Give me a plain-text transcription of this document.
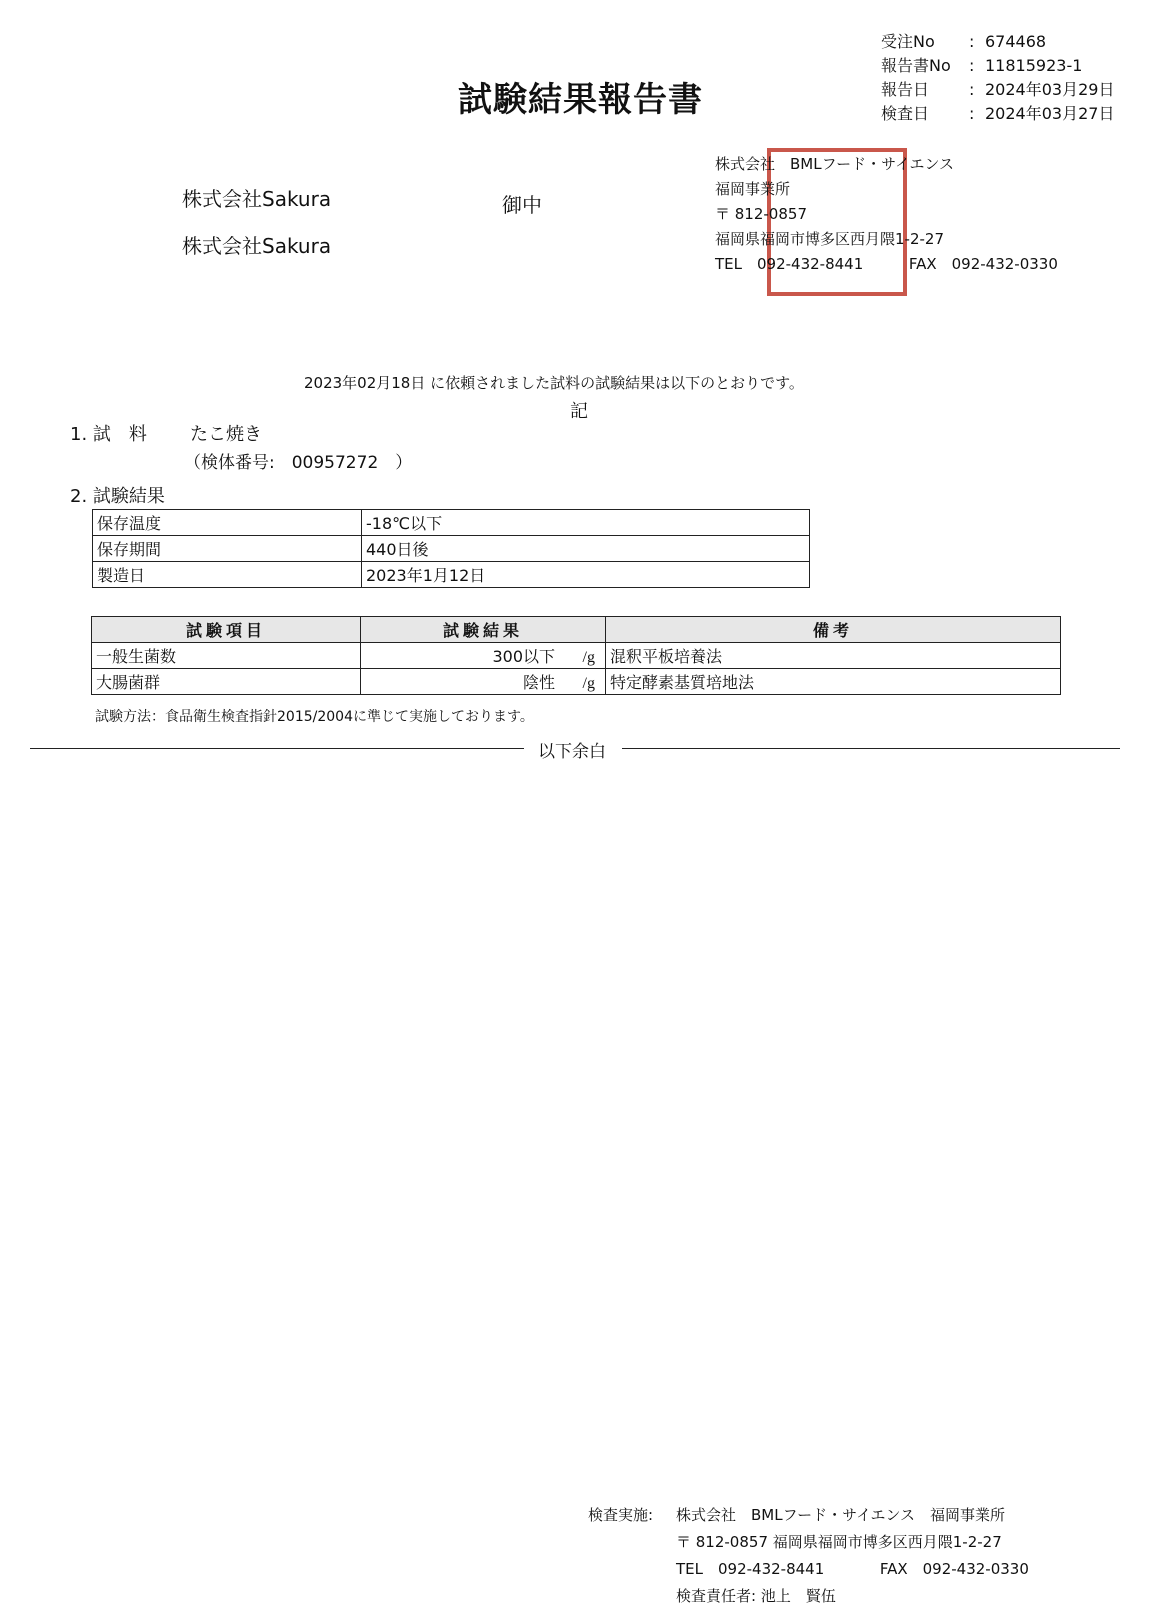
試験結果報告書
受注No : 674468
報告書No : 11815923-1
報告日 : 2024年03月29日
検査日 : 2024年03月27日
株式会社Sakura
株式会社Sakura
御中
株式会社　BMLフード・サイエンス
福岡事業所
〒 812-0857
福岡県福岡市博多区西月隈1-2-27
TEL　092-432-8441	FAX　092-432-0330
2023年02月18日 に依頼されました試料の試験結果は以下のとおりです。
記
1. 試　料 たこ焼き
（検体番号:　00957272　）
2. 試験結果
保存温度	-18℃以下
保存期間	440日後
製造日	2023年1月12日
試験項目	試験結果	備考
一般生菌数	300以下 /g	混釈平板培養法
大腸菌群	陰性 /g	特定酵素基質培地法
試験方法：食品衛生検査指針2015/2004に準じて実施しております。
以下余白
検査実施: 株式会社　BMLフード・サイエンス　福岡事業所
〒 812-0857 福岡県福岡市博多区西月隈1-2-27
TEL　092-432-8441	FAX　092-432-0330
検査責任者: 池上　賢伍
